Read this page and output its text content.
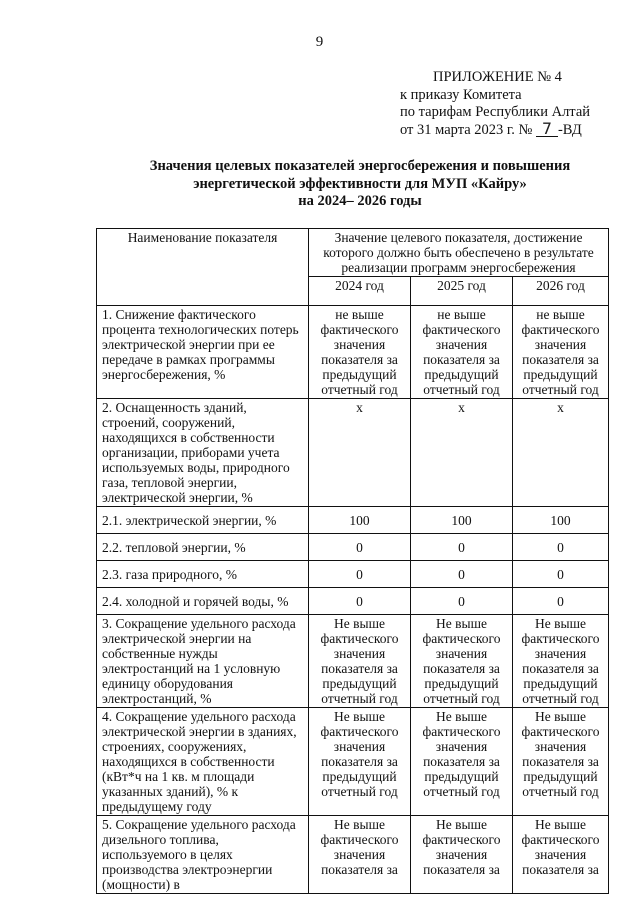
9
ПРИЛОЖЕНИЕ № 4
к приказу Комитета
по тарифам Республики Алтай
от 31 марта 2023 г. № 7 -ВД
Значения целевых показателей энергосбережения и повышения
энергетической эффективности для МУП «Кайру»
на 2024– 2026 годы
Наименование показателя	Значение целевого показателя, достижение которого должно быть обеспечено в результате реализации программ энергосбережения		
	2024 год	2025 год	2026 год
1. Снижение фактического процента технологических потерь электрической энергии при ее передаче в рамках программы энергосбережения, %	не выше фактического значения показателя за предыдущий отчетный год	не выше фактического значения показателя за предыдущий отчетный год	не выше фактического значения показателя за предыдущий отчетный год
2. Оснащенность зданий, строений, сооружений, находящихся в собственности организации, приборами учета используемых воды, природного газа, тепловой энергии, электрической энергии, %	x	x	x
2.1. электрической энергии, %	100	100	100
2.2. тепловой энергии, %	0	0	0
2.3. газа природного, %	0	0	0
2.4. холодной и горячей воды, %	0	0	0
3. Сокращение удельного расхода электрической энергии на собственные нужды электростанций на 1 условную единицу оборудования электростанций, %	Не выше фактического значения показателя за предыдущий отчетный год	Не выше фактического значения показателя за предыдущий отчетный год	Не выше фактического значения показателя за предыдущий отчетный год
4. Сокращение удельного расхода электрической энергии в зданиях, строениях, сооружениях, находящихся в собственности (кВт*ч на 1 кв. м площади указанных зданий), % к предыдущему году	Не выше фактического значения показателя за предыдущий отчетный год	Не выше фактического значения показателя за предыдущий отчетный год	Не выше фактического значения показателя за предыдущий отчетный год
5. Сокращение удельного расхода дизельного топлива, используемого в целях производства электроэнергии (мощности) в	Не выше фактического значения показателя за	Не выше фактического значения показателя за	Не выше фактического значения показателя за
